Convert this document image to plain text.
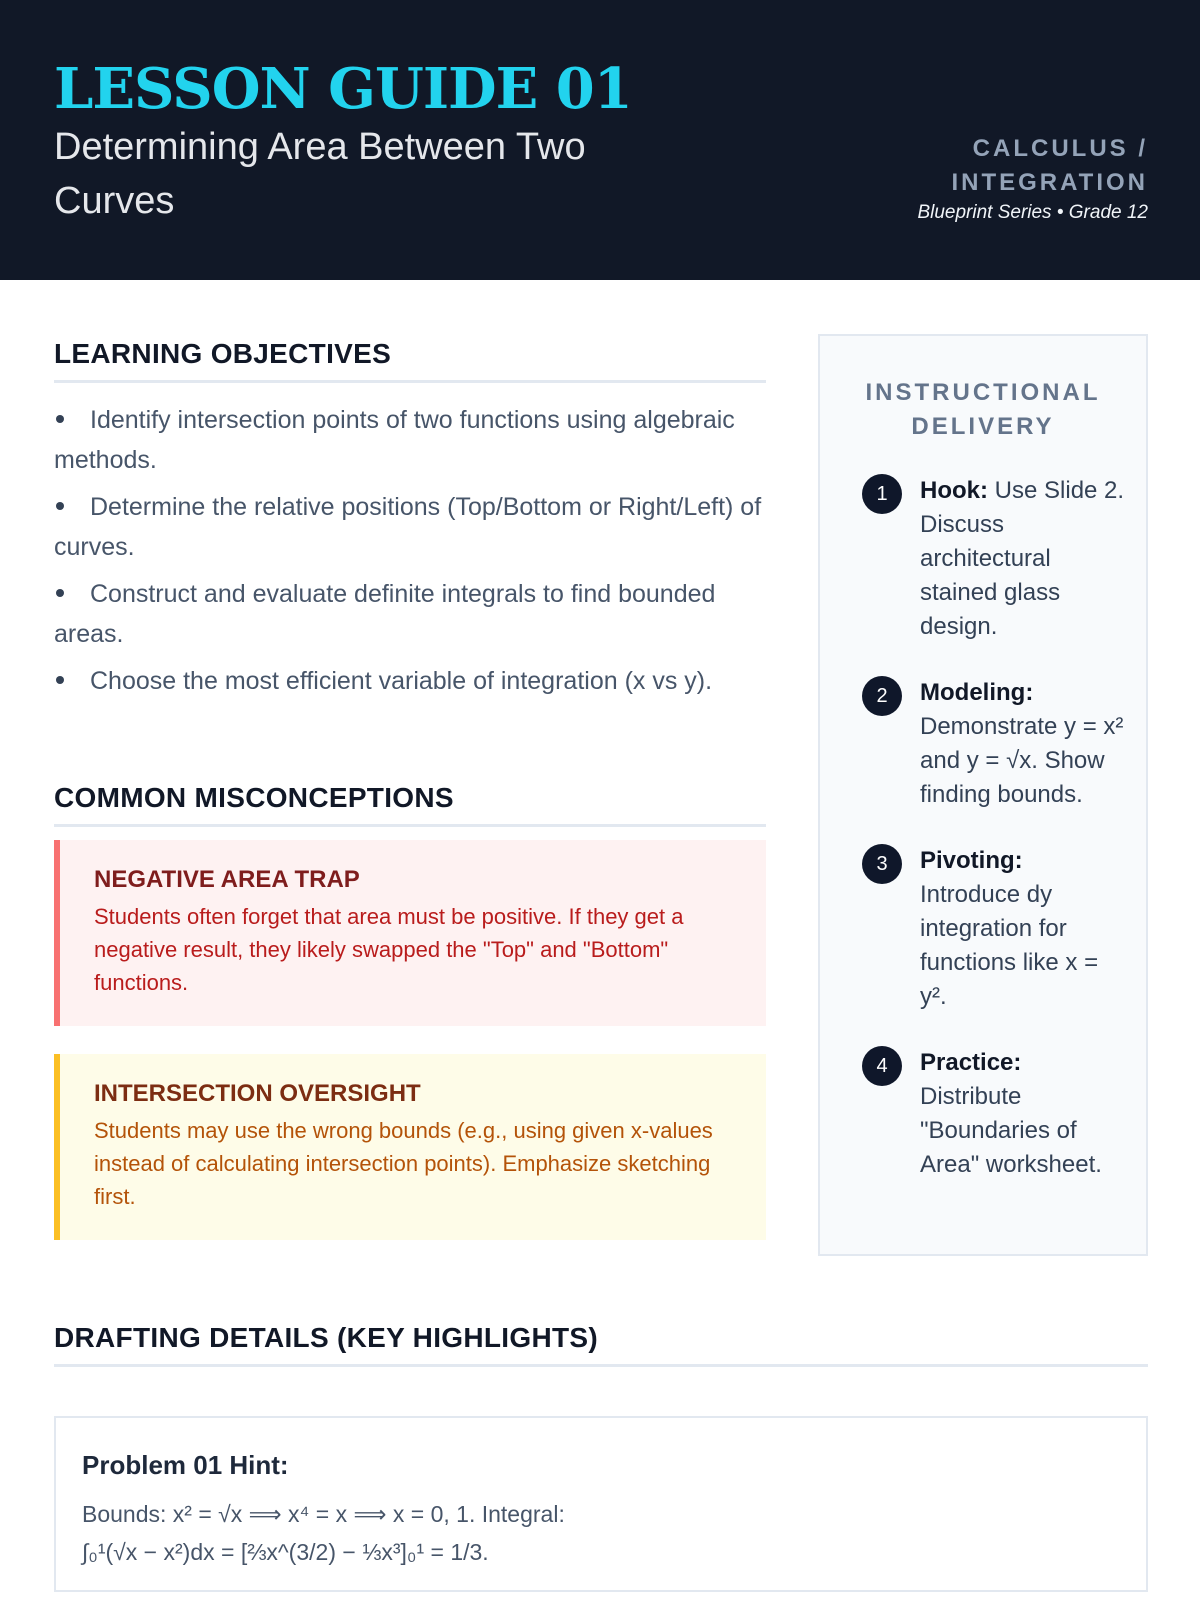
LESSON GUIDE 01
Determining Area Between Two Curves
CALCULUS / INTEGRATION
Blueprint Series • Grade 12
LEARNING OBJECTIVES
Identify intersection points of two functions using algebraic methods.
Determine the relative positions (Top/Bottom or Right/Left) of curves.
Construct and evaluate definite integrals to find bounded areas.
Choose the most efficient variable of integration (x vs y).
COMMON MISCONCEPTIONS
NEGATIVE AREA TRAP
Students often forget that area must be positive. If they get a negative result, they likely swapped the "Top" and "Bottom" functions.
INTERSECTION OVERSIGHT
Students may use the wrong bounds (e.g., using given x-values instead of calculating intersection points). Emphasize sketching first.
INSTRUCTIONAL DELIVERY
1	Hook: Use Slide 2. Discuss architectural stained glass design.
2	Modeling: Demonstrate y = x² and y = √x. Show finding bounds.
3	Pivoting: Introduce dy integration for functions like x = y².
4	Practice: Distribute "Boundaries of Area" worksheet.
DRAFTING DETAILS (KEY HIGHLIGHTS)
Problem 01 Hint:
Bounds: x² = √x ⟹ x⁴ = x ⟹ x = 0, 1. Integral:
∫₀¹(√x − x²)dx = [⅔x^(3/2) − ⅓x³]₀¹ = 1/3.
